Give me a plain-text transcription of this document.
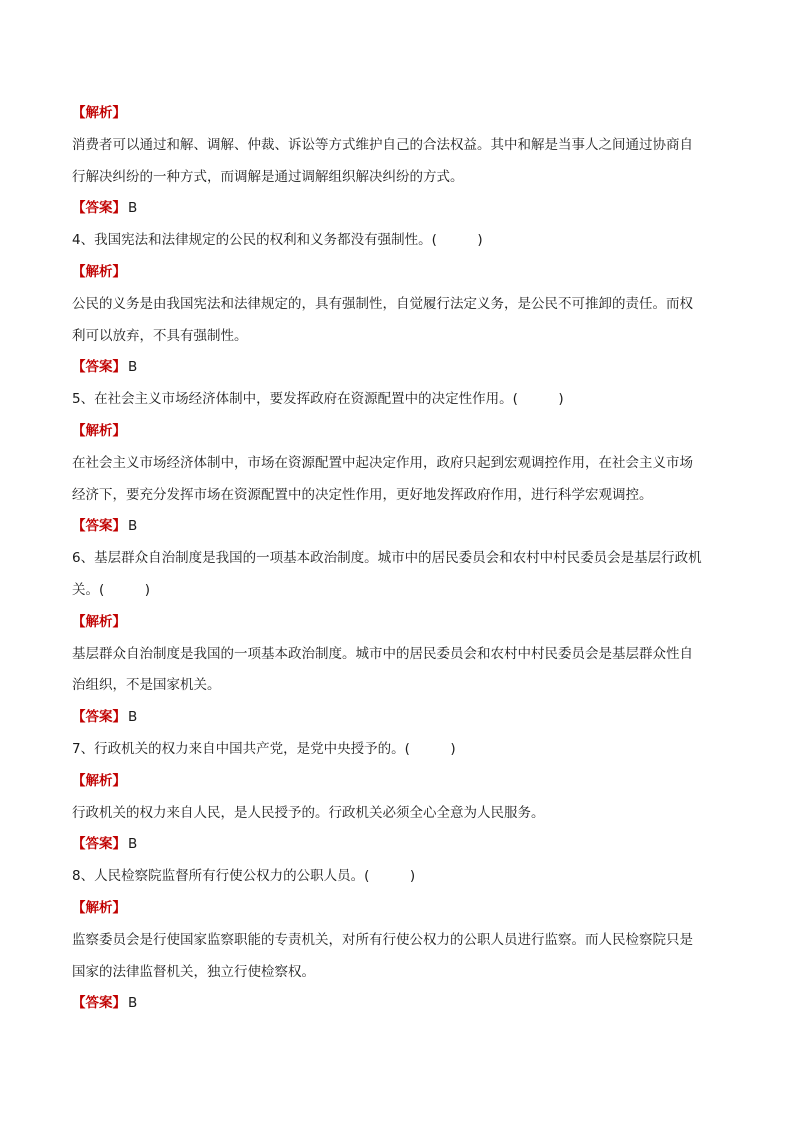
【解析】
消费者可以通过和解、调解、仲裁、诉讼等方式维护自己的合法权益。其中和解是当事人之间通过协商自
行解决纠纷的一种方式，而调解是通过调解组织解决纠纷的方式。
【答案】 B
4、我国宪法和法律规定的公民的权利和义务都没有强制性。(　　　)
【解析】
公民的义务是由我国宪法和法律规定的，具有强制性，自觉履行法定义务，是公民不可推卸的责任。而权
利可以放弃，不具有强制性。
【答案】 B
5、在社会主义市场经济体制中，要发挥政府在资源配置中的决定性作用。(　　　)
【解析】
在社会主义市场经济体制中，市场在资源配置中起决定作用，政府只起到宏观调控作用，在社会主义市场
经济下，要充分发挥市场在资源配置中的决定性作用，更好地发挥政府作用，进行科学宏观调控。
【答案】 B
6、基层群众自治制度是我国的一项基本政治制度。城市中的居民委员会和农村中村民委员会是基层行政机
关。(　　　)
【解析】
基层群众自治制度是我国的一项基本政治制度。城市中的居民委员会和农村中村民委员会是基层群众性自
治组织，不是国家机关。
【答案】 B
7、行政机关的权力来自中国共产党，是党中央授予的。(　　　)
【解析】
行政机关的权力来自人民，是人民授予的。行政机关必须全心全意为人民服务。
【答案】 B
8、人民检察院监督所有行使公权力的公职人员。(　　　)
【解析】
监察委员会是行使国家监察职能的专责机关，对所有行使公权力的公职人员进行监察。而人民检察院只是
国家的法律监督机关，独立行使检察权。
【答案】 B
